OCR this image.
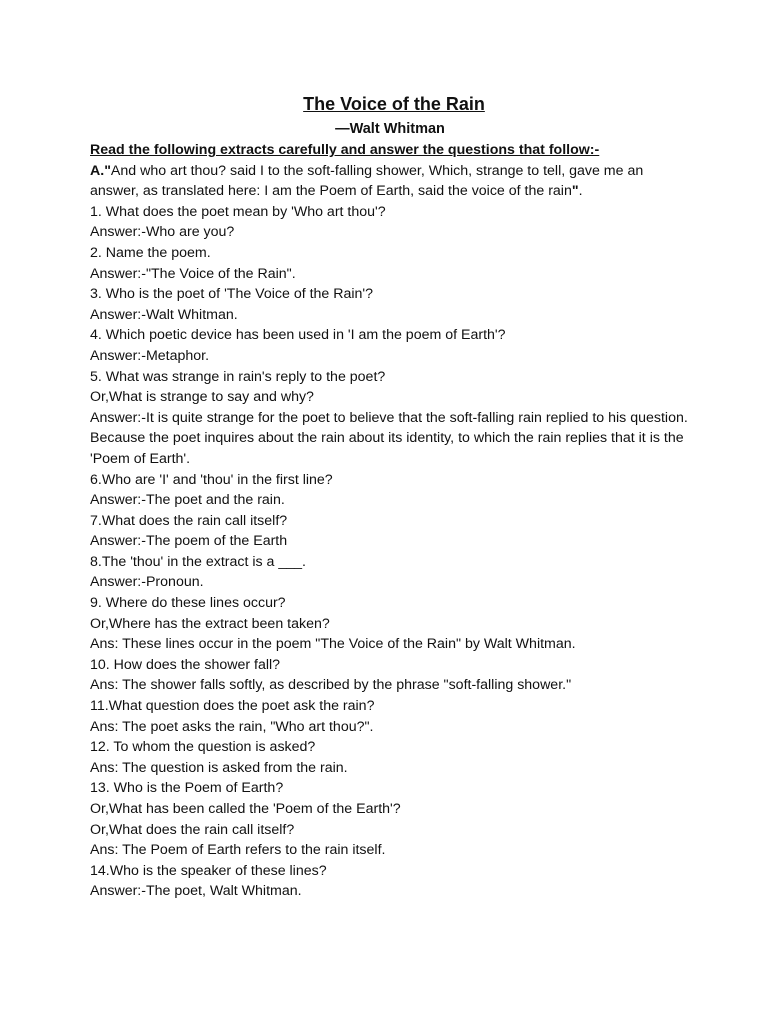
The Voice of the Rain

—Walt Whitman

Read the following extracts carefully and answer the questions that follow:-

A."And who art thou? said I to the soft-falling shower, Which, strange to tell, gave me an answer, as translated here: I am the Poem of Earth, said the voice of the rain".

1. What does the poet mean by 'Who art thou'?

Answer:-Who are you?

2. Name the poem.

Answer:-"The Voice of the Rain".

3. Who is the poet of 'The Voice of the Rain'?

Answer:-Walt Whitman.

4. Which poetic device has been used in 'I am the poem of Earth'?

Answer:-Metaphor.

5. What was strange in rain's reply to the poet?

Or,What is strange to say and why?

Answer:-It is quite strange for the poet to believe that the soft-falling rain replied to his question.

Because the poet inquires about the rain about its identity, to which the rain replies that it is the 'Poem of Earth'.

6.Who are 'I' and 'thou' in the first line?

Answer:-The poet and the rain.

7.What does the rain call itself?

Answer:-The poem of the Earth

8.The 'thou' in the extract is a ___.

Answer:-Pronoun.

9. Where do these lines occur?

Or,Where has the extract been taken?

Ans: These lines occur in the poem "The Voice of the Rain" by Walt Whitman.

10. How does the shower fall?

Ans: The shower falls softly, as described by the phrase "soft-falling shower."

11.What question does the poet ask the rain?

Ans: The poet asks the rain, "Who art thou?".

12. To whom the question is asked?

Ans: The question is asked from the rain.

13. Who is the Poem of Earth?

Or,What has been called the 'Poem of the Earth'?

Or,What does the rain call itself?

Ans: The Poem of Earth refers to the rain itself.

14.Who is the speaker of these lines?

Answer:-The poet, Walt Whitman.
